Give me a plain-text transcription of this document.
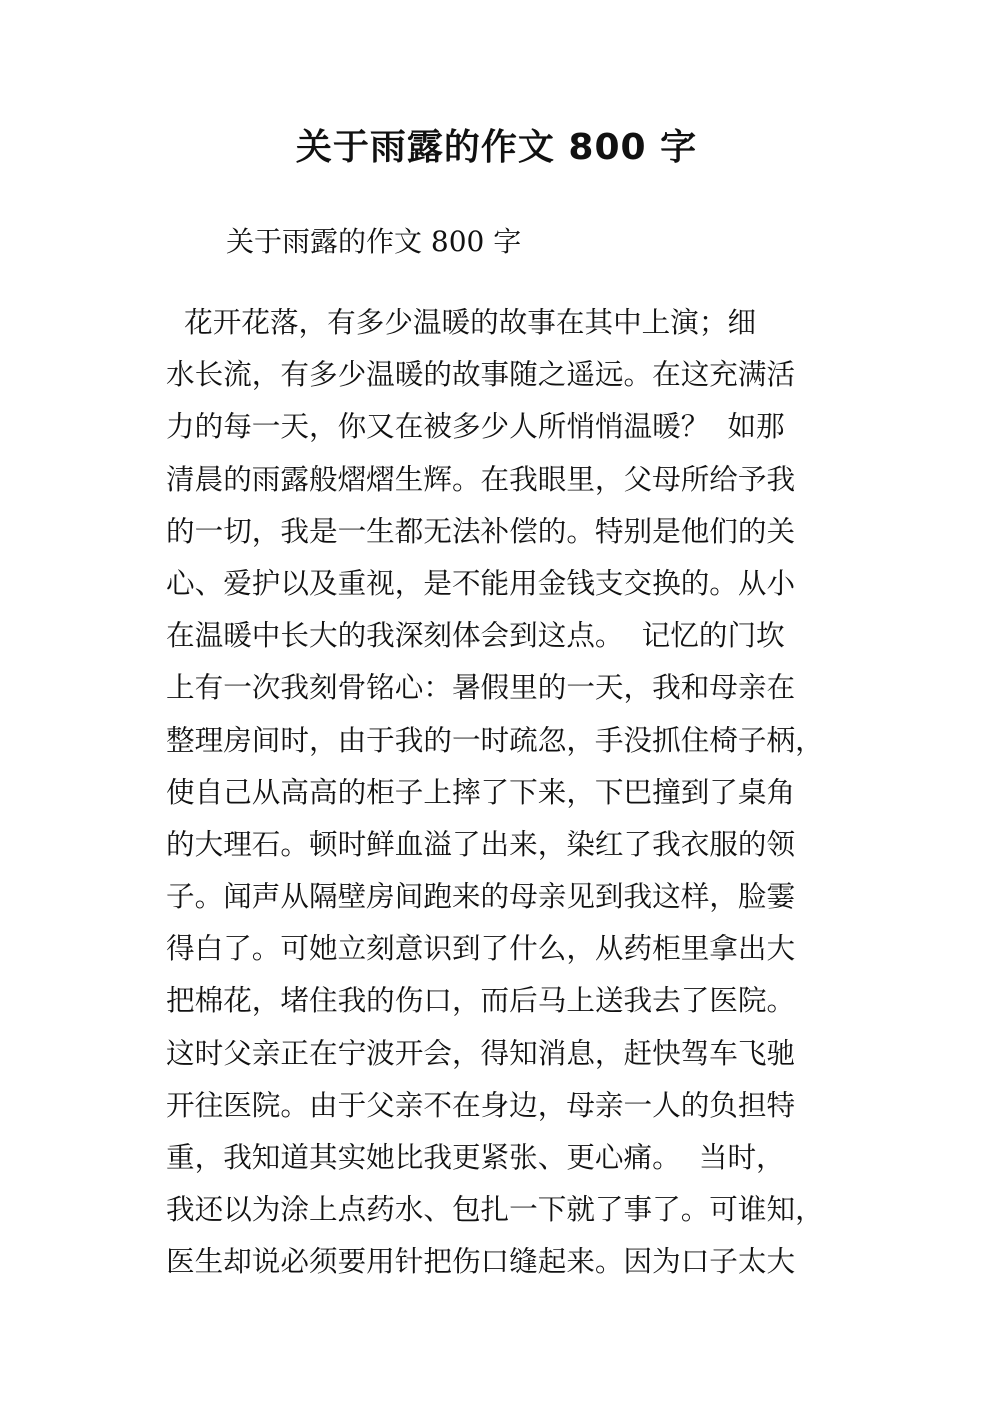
关于雨露的作文 800 字

关于雨露的作文 800 字

花开花落，有多少温暖的故事在其中上演；细
水长流，有多少温暖的故事随之遥远。在这充满活
力的每一天，你又在被多少人所悄悄温暖？  如那
清晨的雨露般熠熠生辉。在我眼里，父母所给予我
的一切，我是一生都无法补偿的。特别是他们的关
心、爱护以及重视，是不能用金钱支交换的。从小
在温暖中长大的我深刻体会到这点。  记忆的门坎
上有一次我刻骨铭心：暑假里的一天，我和母亲在
整理房间时，由于我的一时疏忽，手没抓住椅子柄，
使自己从高高的柜子上摔了下来，下巴撞到了桌角
的大理石。顿时鲜血溢了出来，染红了我衣服的领
子。闻声从隔壁房间跑来的母亲见到我这样，脸霎
得白了。可她立刻意识到了什么，从药柜里拿出大
把棉花，堵住我的伤口，而后马上送我去了医院。
这时父亲正在宁波开会，得知消息，赶快驾车飞驰
开往医院。由于父亲不在身边，母亲一人的负担特
重，我知道其实她比我更紧张、更心痛。  当时，
我还以为涂上点药水、包扎一下就了事了。可谁知，
医生却说必须要用针把伤口缝起来。因为口子太大
